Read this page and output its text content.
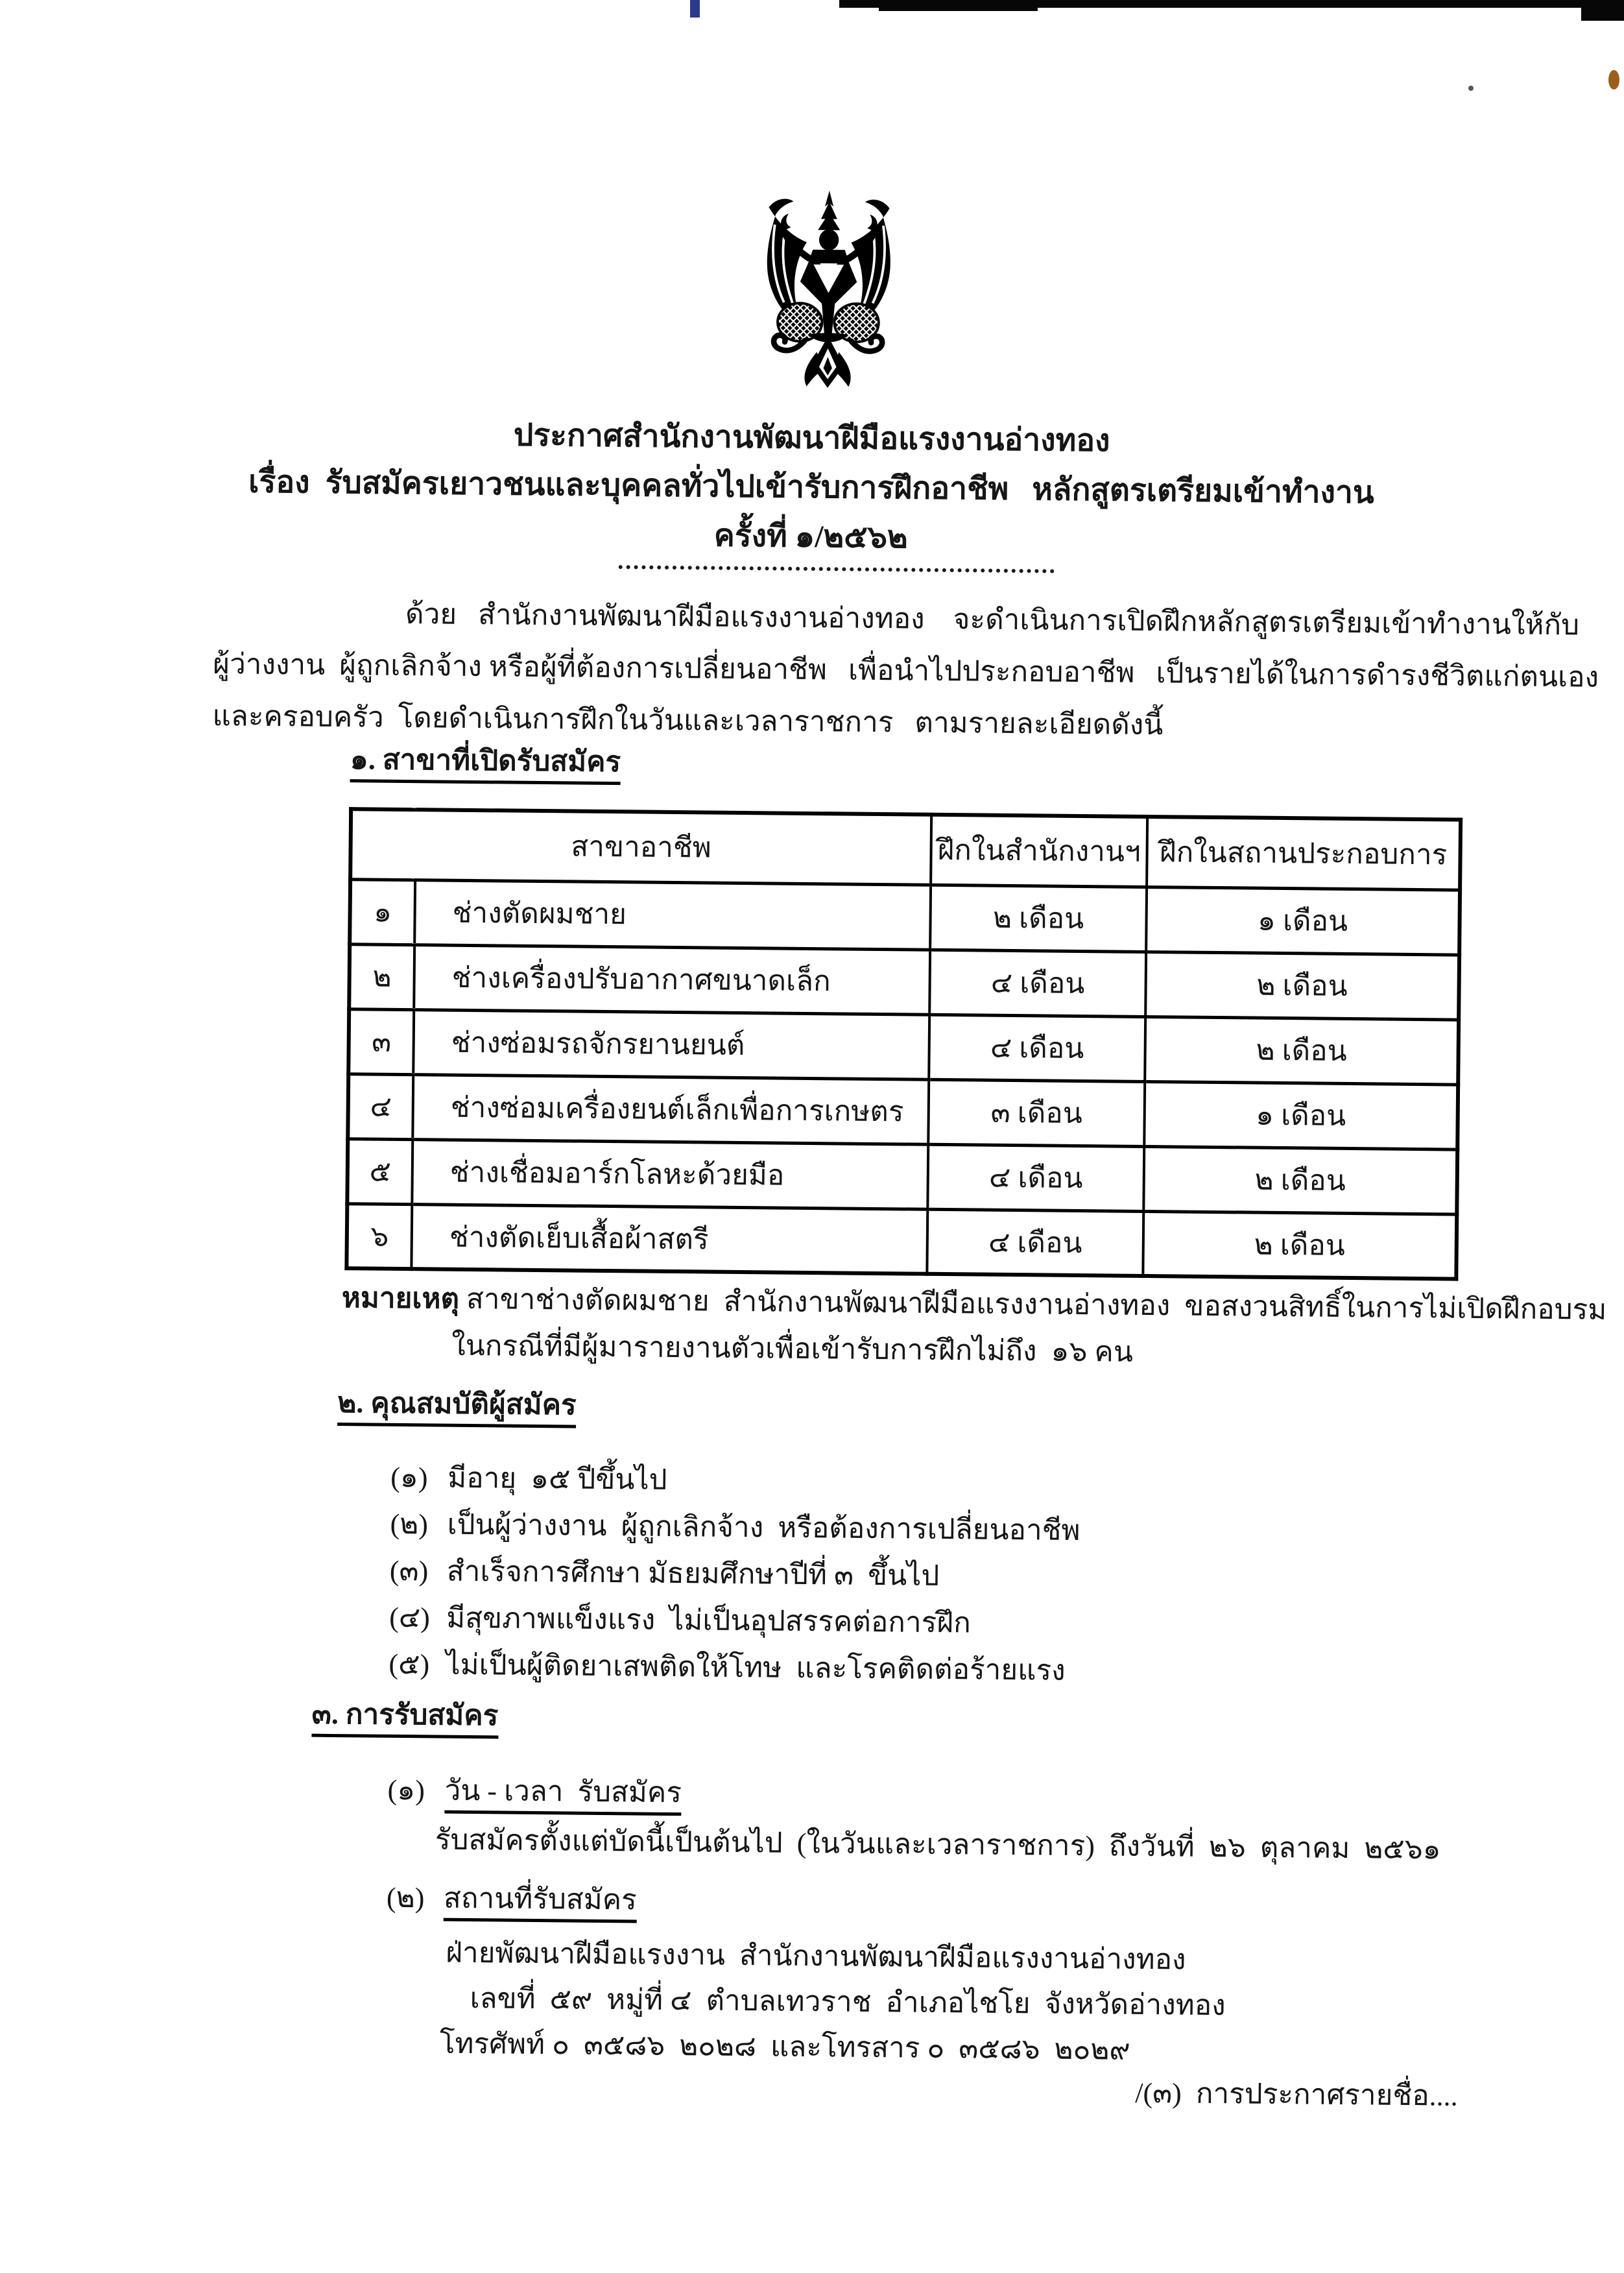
ประกาศสำนักงานพัฒนาฝีมือแรงงานอ่างทอง
เรื่อง  รับสมัครเยาวชนและบุคคลทั่วไปเข้ารับการฝึกอาชีพ   หลักสูตรเตรียมเข้าทำงาน
ครั้งที่ ๑/๒๕๖๒
ด้วย   สำนักงานพัฒนาฝีมือแรงงานอ่างทอง    จะดำเนินการเปิดฝึกหลักสูตรเตรียมเข้าทำงานให้กับ
ผู้ว่างงาน  ผู้ถูกเลิกจ้าง หรือผู้ที่ต้องการเปลี่ยนอาชีพ   เพื่อนำไปประกอบอาชีพ   เป็นรายได้ในการดำรงชีวิตแก่ตนเอง
และครอบครัว  โดยดำเนินการฝึกในวันและเวลาราชการ   ตามรายละเอียดดังนี้
๑. สาขาที่เปิดรับสมัคร
สาขาอาชีพ		ฝึกในสำนักงานฯ	ฝึกในสถานประกอบการ
๑	ช่างตัดผมชาย	๒ เดือน	๑ เดือน
๒	ช่างเครื่องปรับอากาศขนาดเล็ก	๔ เดือน	๒ เดือน
๓	ช่างซ่อมรถจักรยานยนต์	๔ เดือน	๒ เดือน
๔	ช่างซ่อมเครื่องยนต์เล็กเพื่อการเกษตร	๓ เดือน	๑ เดือน
๕	ช่างเชื่อมอาร์กโลหะด้วยมือ	๔ เดือน	๒ เดือน
๖	ช่างตัดเย็บเสื้อผ้าสตรี	๔ เดือน	๒ เดือน
หมายเหตุ สาขาช่างตัดผมชาย  สำนักงานพัฒนาฝีมือแรงงานอ่างทอง  ขอสงวนสิทธิ์ในการไม่เปิดฝึกอบรม
ในกรณีที่มีผู้มารายงานตัวเพื่อเข้ารับการฝึกไม่ถึง  ๑๖ คน
๒. คุณสมบัติผู้สมัคร
(๑) มีอายุ  ๑๕ ปีขึ้นไป
(๒) เป็นผู้ว่างงาน  ผู้ถูกเลิกจ้าง  หรือต้องการเปลี่ยนอาชีพ
(๓) สำเร็จการศึกษา มัธยมศึกษาปีที่ ๓  ขึ้นไป
(๔) มีสุขภาพแข็งแรง  ไม่เป็นอุปสรรคต่อการฝึก
(๕) ไม่เป็นผู้ติดยาเสพติดให้โทษ  และโรคติดต่อร้ายแรง
๓. การรับสมัคร
(๑) วัน - เวลา  รับสมัคร
รับสมัครตั้งแต่บัดนี้เป็นต้นไป  (ในวันและเวลาราชการ)  ถึงวันที่  ๒๖  ตุลาคม  ๒๕๖๑
(๒) สถานที่รับสมัคร
ฝ่ายพัฒนาฝีมือแรงงาน  สำนักงานพัฒนาฝีมือแรงงานอ่างทอง
เลขที่  ๕๙  หมู่ที่ ๔  ตำบลเทวราช  อำเภอไชโย  จังหวัดอ่างทอง
โทรศัพท์ ๐  ๓๕๘๖  ๒๐๒๘  และโทรสาร ๐  ๓๕๘๖  ๒๐๒๙
/(๓)  การประกาศรายชื่อ....
